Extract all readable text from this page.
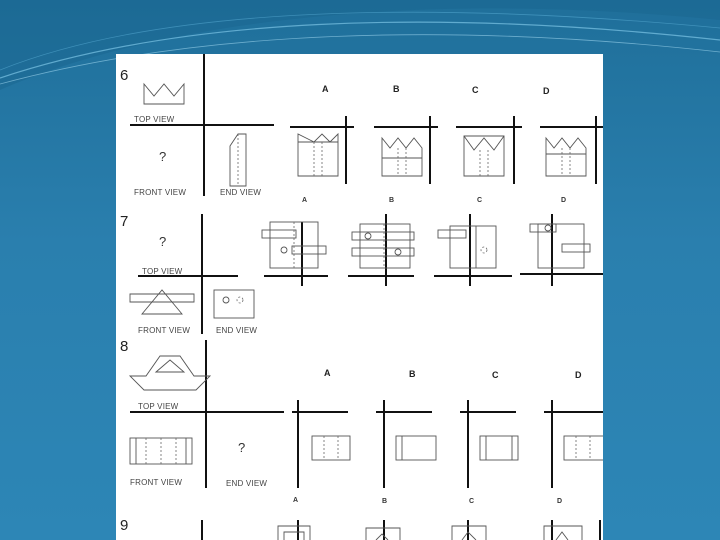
6
TOP VIEW
?
FRONT VIEW	END VIEW
A	B	C	D
A	B	C	D
7
?
TOP VIEW
FRONT VIEW	END VIEW
8
TOP VIEW
FRONT VIEW
?
END VIEW
A	B	C	D
A	B	C	D
9
